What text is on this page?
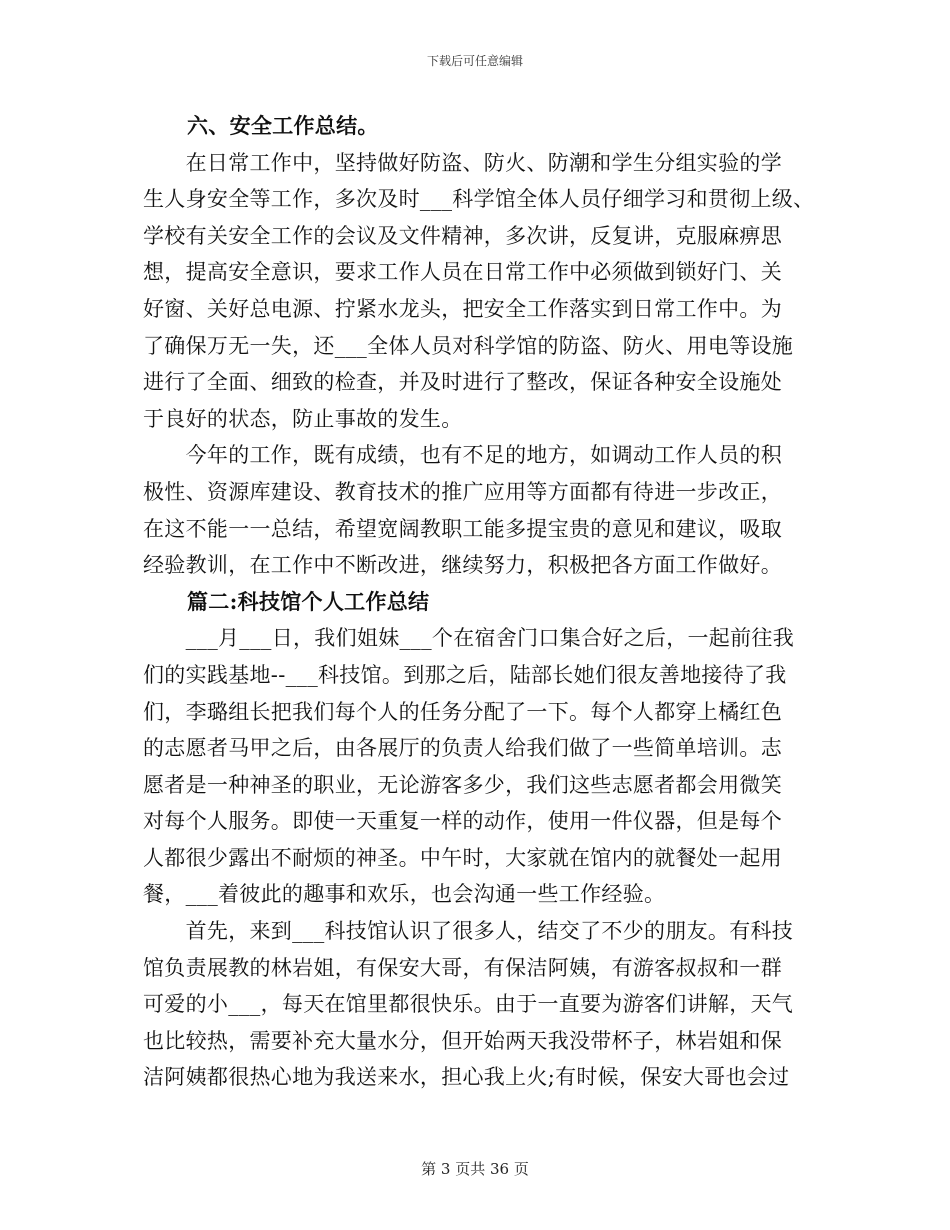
下载后可任意编辑
六、安全工作总结。
　　在日常工作中，坚持做好防盗、防火、防潮和学生分组实验的学
生人身安全等工作，多次及时___科学馆全体人员仔细学习和贯彻上级、
学校有关安全工作的会议及文件精神，多次讲，反复讲，克服麻痹思
想，提高安全意识，要求工作人员在日常工作中必须做到锁好门、关
好窗、关好总电源、拧紧水龙头，把安全工作落实到日常工作中。为
了确保万无一失，还___全体人员对科学馆的防盗、防火、用电等设施
进行了全面、细致的检查，并及时进行了整改，保证各种安全设施处
于良好的状态，防止事故的发生。
　　今年的工作，既有成绩，也有不足的地方，如调动工作人员的积
极性、资源库建设、教育技术的推广应用等方面都有待进一步改正，
在这不能一一总结，希望宽阔教职工能多提宝贵的意见和建议，吸取
经验教训，在工作中不断改进，继续努力，积极把各方面工作做好。
篇二:科技馆个人工作总结
　　___月___日，我们姐妹___个在宿舍门口集合好之后，一起前往我
们的实践基地--___科技馆。到那之后，陆部长她们很友善地接待了我
们，李璐组长把我们每个人的任务分配了一下。每个人都穿上橘红色
的志愿者马甲之后，由各展厅的负责人给我们做了一些简单培训。志
愿者是一种神圣的职业，无论游客多少，我们这些志愿者都会用微笑
对每个人服务。即使一天重复一样的动作，使用一件仪器，但是每个
人都很少露出不耐烦的神圣。中午时，大家就在馆内的就餐处一起用
餐，___着彼此的趣事和欢乐，也会沟通一些工作经验。
　　首先，来到___科技馆认识了很多人，结交了不少的朋友。有科技
馆负责展教的林岩姐，有保安大哥，有保洁阿姨，有游客叔叔和一群
可爱的小___，每天在馆里都很快乐。由于一直要为游客们讲解，天气
也比较热，需要补充大量水分，但开始两天我没带杯子，林岩姐和保
洁阿姨都很热心地为我送来水，担心我上火;有时候，保安大哥也会过
第 3 页共 36 页
